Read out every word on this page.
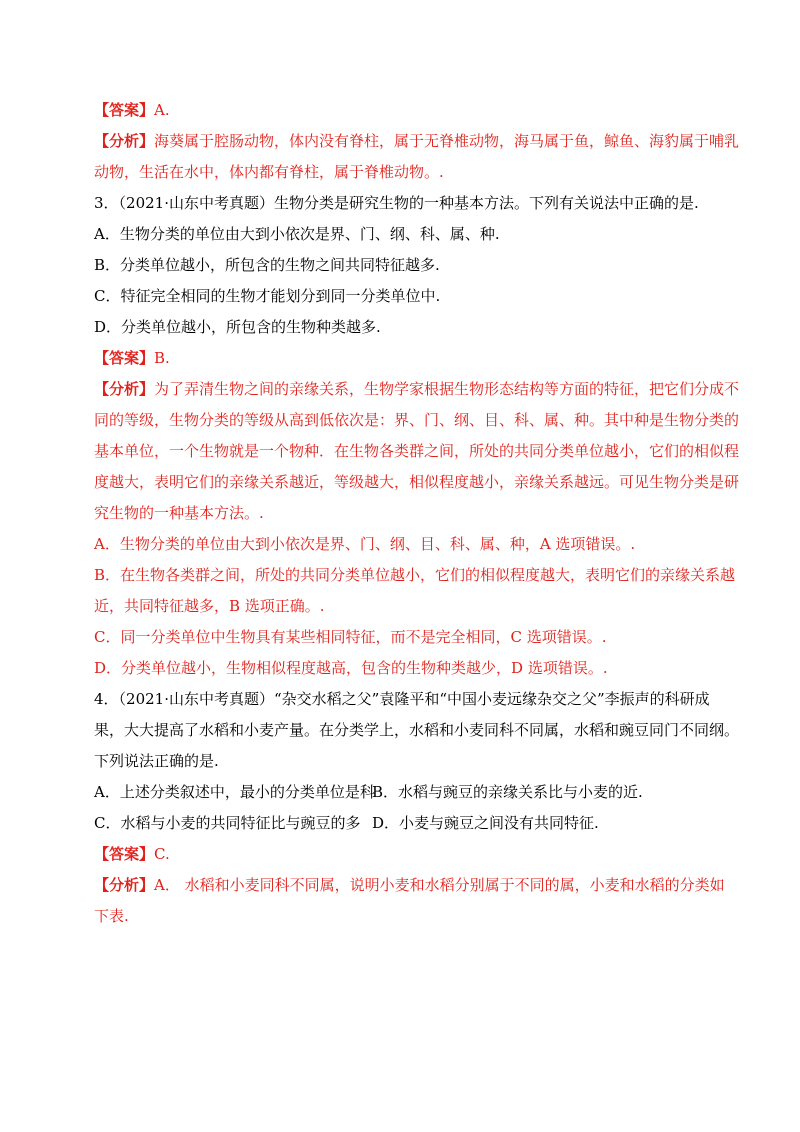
【答案】A.
【分析】海葵属于腔肠动物，体内没有脊柱，属于无脊椎动物，海马属于鱼，鲸鱼、海豹属于哺乳
动物，生活在水中，体内都有脊柱，属于脊椎动物。.
3．（2021·山东中考真题）生物分类是研究生物的一种基本方法。下列有关说法中正确的是.
A．生物分类的单位由大到小依次是界、门、纲、科、属、种.
B．分类单位越小，所包含的生物之间共同特征越多.
C．特征完全相同的生物才能划分到同一分类单位中.
D．分类单位越小，所包含的生物种类越多.
【答案】B.
【分析】为了弄清生物之间的亲缘关系，生物学家根据生物形态结构等方面的特征，把它们分成不
同的等级，生物分类的等级从高到低依次是：界、门、纲、目、科、属、种。其中种是生物分类的
基本单位，一个生物就是一个物种．在生物各类群之间，所处的共同分类单位越小，它们的相似程
度越大，表明它们的亲缘关系越近，等级越大，相似程度越小，亲缘关系越远。可见生物分类是研
究生物的一种基本方法。.
A．生物分类的单位由大到小依次是界、门、纲、目、科、属、种，A 选项错误。.
B．在生物各类群之间，所处的共同分类单位越小，它们的相似程度越大，表明它们的亲缘关系越
近，共同特征越多，B 选项正确。.
C．同一分类单位中生物具有某些相同特征，而不是完全相同，C 选项错误。.
D．分类单位越小，生物相似程度越高，包含的生物种类越少，D 选项错误。.
4．（2021·山东中考真题）“杂交水稻之父”袁隆平和“中国小麦远缘杂交之父”李振声的科研成
果，大大提高了水稻和小麦产量。在分类学上，水稻和小麦同科不同属，水稻和豌豆同门不同纲。
下列说法正确的是.
A．上述分类叙述中，最小的分类单位是科
B．水稻与豌豆的亲缘关系比与小麦的近.
C．水稻与小麦的共同特征比与豌豆的多 D．小麦与豌豆之间没有共同特征.
【答案】C.
【分析】A． 水稻和小麦同科不同属，说明小麦和水稻分别属于不同的属，小麦和水稻的分类如
下表.
